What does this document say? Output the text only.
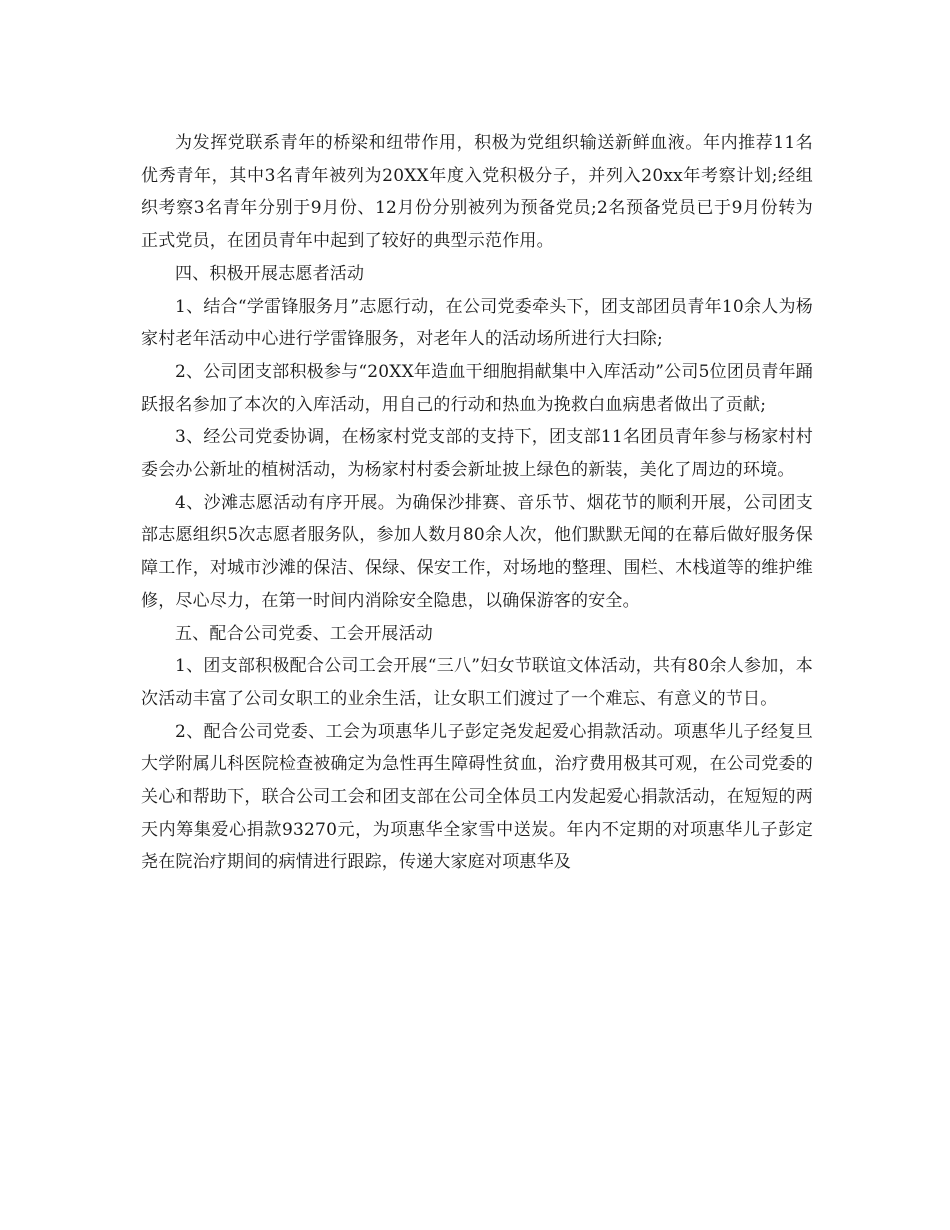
为发挥党联系青年的桥梁和纽带作用，积极为党组织输送新鲜血液。年内推荐11名优秀青年，其中3名青年被列为20XX年度入党积极分子，并列入20xx年考察计划;经组织考察3名青年分别于9月份、12月份分别被列为预备党员;2名预备党员已于9月份转为正式党员，在团员青年中起到了较好的典型示范作用。

四、积极开展志愿者活动

1、结合“学雷锋服务月”志愿行动，在公司党委牵头下，团支部团员青年10余人为杨家村老年活动中心进行学雷锋服务，对老年人的活动场所进行大扫除;

2、公司团支部积极参与“20XX年造血干细胞捐献集中入库活动”公司5位团员青年踊跃报名参加了本次的入库活动，用自己的行动和热血为挽救白血病患者做出了贡献;

3、经公司党委协调，在杨家村党支部的支持下，团支部11名团员青年参与杨家村村委会办公新址的植树活动，为杨家村村委会新址披上绿色的新装，美化了周边的环境。

4、沙滩志愿活动有序开展。为确保沙排赛、音乐节、烟花节的顺利开展，公司团支部志愿组织5次志愿者服务队，参加人数月80余人次，他们默默无闻的在幕后做好服务保障工作，对城市沙滩的保洁、保绿、保安工作，对场地的整理、围栏、木栈道等的维护维修，尽心尽力，在第一时间内消除安全隐患，以确保游客的安全。

五、配合公司党委、工会开展活动

1、团支部积极配合公司工会开展“三八”妇女节联谊文体活动，共有80余人参加，本次活动丰富了公司女职工的业余生活，让女职工们渡过了一个难忘、有意义的节日。

2、配合公司党委、工会为项惠华儿子彭定尧发起爱心捐款活动。项惠华儿子经复旦大学附属儿科医院检查被确定为急性再生障碍性贫血，治疗费用极其可观，在公司党委的关心和帮助下，联合公司工会和团支部在公司全体员工内发起爱心捐款活动，在短短的两天内筹集爱心捐款93270元，为项惠华全家雪中送炭。年内不定期的对项惠华儿子彭定尧在院治疗期间的病情进行跟踪，传递大家庭对项惠华及
